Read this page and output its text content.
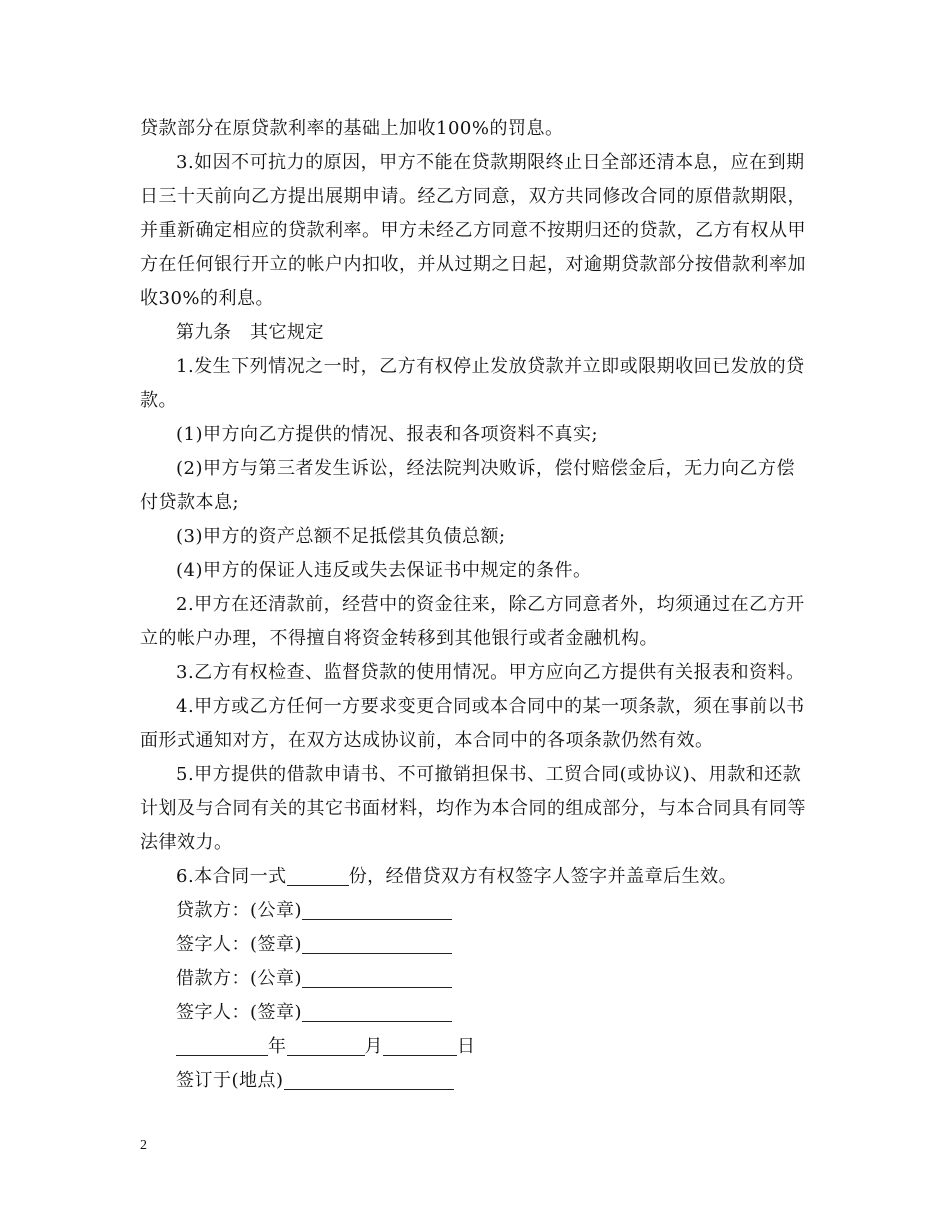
贷款部分在原贷款利率的基础上加收100%的罚息。
3.如因不可抗力的原因，甲方不能在贷款期限终止日全部还清本息，应在到期
日三十天前向乙方提出展期申请。经乙方同意，双方共同修改合同的原借款期限，
并重新确定相应的贷款利率。甲方未经乙方同意不按期归还的贷款，乙方有权从甲
方在任何银行开立的帐户内扣收，并从过期之日起，对逾期贷款部分按借款利率加
收30%的利息。
第九条　其它规定
1.发生下列情况之一时，乙方有权停止发放贷款并立即或限期收回已发放的贷
款。
(1)甲方向乙方提供的情况、报表和各项资料不真实;
(2)甲方与第三者发生诉讼，经法院判决败诉，偿付赔偿金后，无力向乙方偿
付贷款本息;
(3)甲方的资产总额不足抵偿其负债总额;
(4)甲方的保证人违反或失去保证书中规定的条件。
2.甲方在还清款前，经营中的资金往来，除乙方同意者外，均须通过在乙方开
立的帐户办理，不得擅自将资金转移到其他银行或者金融机构。
3.乙方有权检查、监督贷款的使用情况。甲方应向乙方提供有关报表和资料。
4.甲方或乙方任何一方要求变更合同或本合同中的某一项条款，须在事前以书
面形式通知对方，在双方达成协议前，本合同中的各项条款仍然有效。
5.甲方提供的借款申请书、不可撤销担保书、工贸合同(或协议)、用款和还款
计划及与合同有关的其它书面材料，均作为本合同的组成部分，与本合同具有同等
法律效力。
6.本合同一式	份，经借贷双方有权签字人签字并盖章后生效。
贷款方：(公章)
签字人：(签章)
借款方：(公章)
签字人：(签章)
年	月	日
签订于(地点)
2
